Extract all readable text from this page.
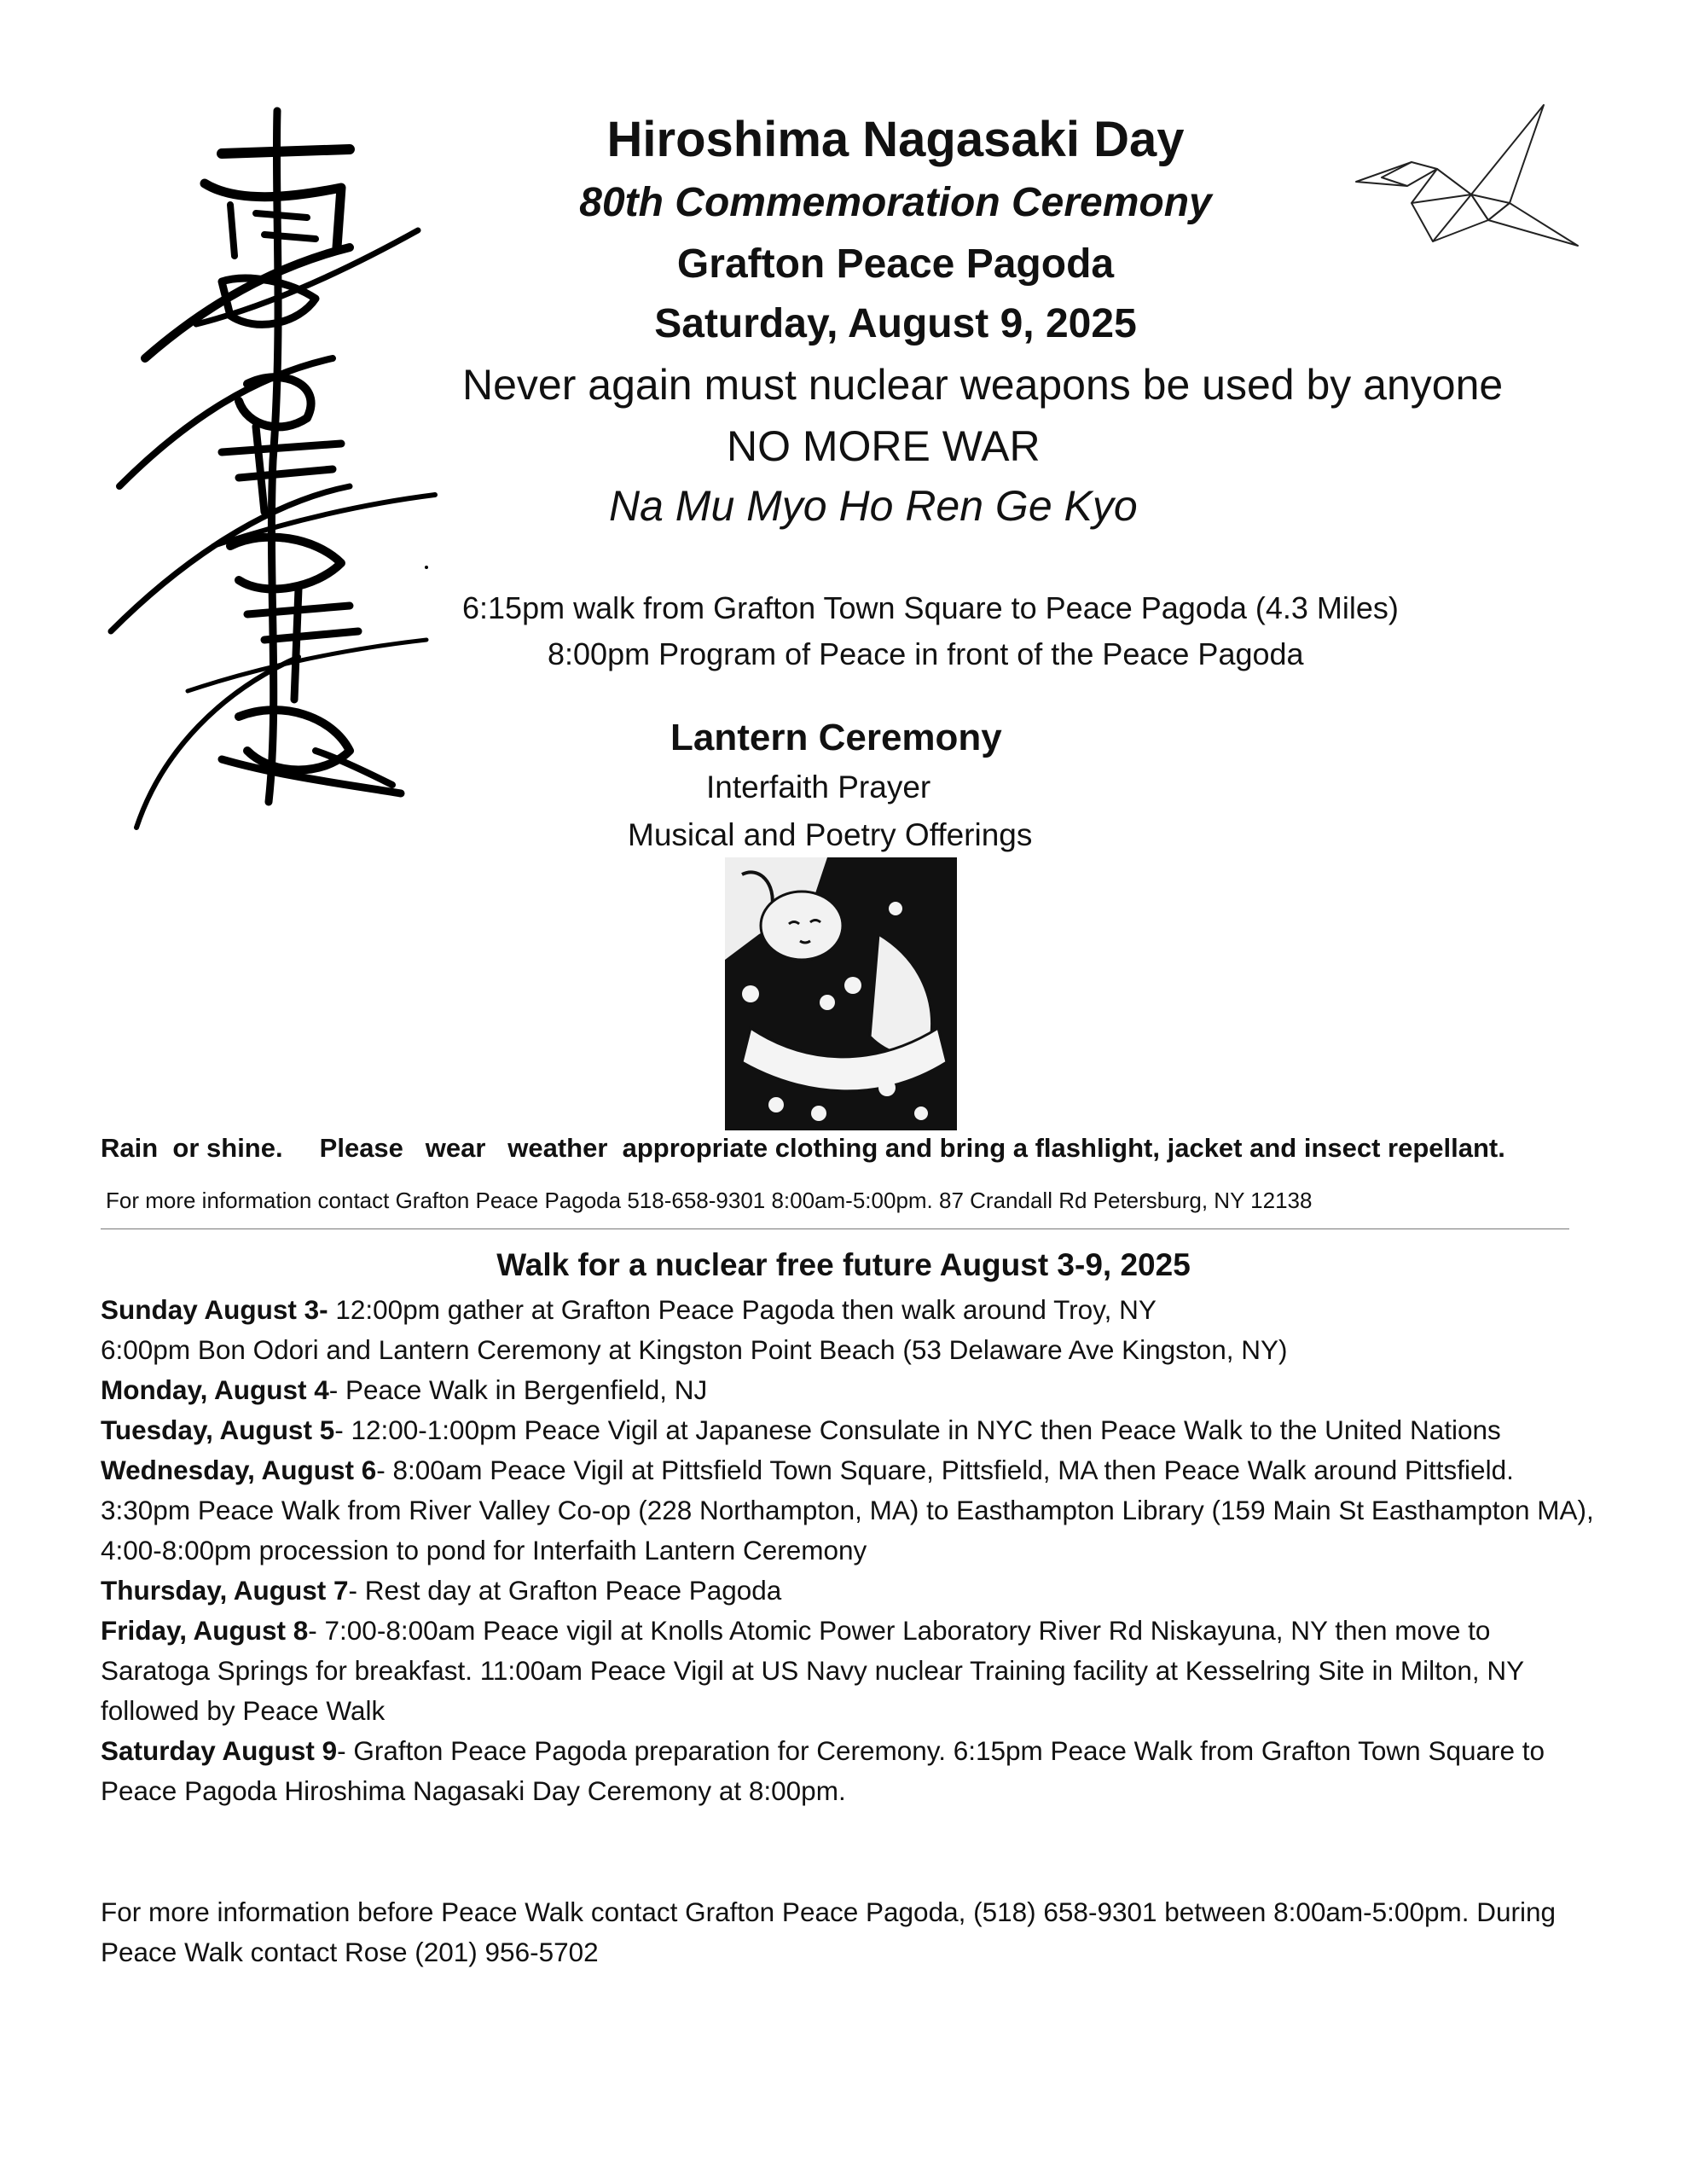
Hiroshima Nagasaki Day
80th Commemoration Ceremony
Grafton Peace Pagoda
Saturday, August 9, 2025
Never again must nuclear weapons be used by anyone
NO MORE WAR
Na Mu Myo Ho Ren Ge Kyo
6:15pm walk from Grafton Town Square to Peace Pagoda (4.3 Miles)
8:00pm Program of Peace in front of the Peace Pagoda
Lantern Ceremony
Interfaith Prayer
Musical and Poetry Offerings
Rain  or shine.     Please   wear   weather  appropriate clothing and bring a flashlight, jacket and insect repellant.
For more information contact Grafton Peace Pagoda 518-658-9301 8:00am-5:00pm. 87 Crandall Rd Petersburg, NY 12138
Walk for a nuclear free future August 3-9, 2025
Sunday August 3- 12:00pm gather at Grafton Peace Pagoda then walk around Troy, NY
6:00pm Bon Odori and Lantern Ceremony at Kingston Point Beach (53 Delaware Ave Kingston, NY)
Monday, August 4- Peace Walk in Bergenfield, NJ
Tuesday, August 5- 12:00-1:00pm Peace Vigil at Japanese Consulate in NYC then Peace Walk to the United Nations
Wednesday, August 6- 8:00am Peace Vigil at Pittsfield Town Square, Pittsfield, MA then Peace Walk around Pittsfield. 3:30pm Peace Walk from River Valley Co-op (228 Northampton, MA) to Easthampton Library (159 Main St Easthampton MA), 4:00-8:00pm procession to pond for Interfaith Lantern Ceremony
Thursday, August 7- Rest day at Grafton Peace Pagoda
Friday, August 8- 7:00-8:00am Peace vigil at Knolls Atomic Power Laboratory River Rd Niskayuna, NY then move to Saratoga Springs for breakfast. 11:00am Peace Vigil at US Navy nuclear Training facility at Kesselring Site in Milton, NY followed by Peace Walk
Saturday August 9- Grafton Peace Pagoda preparation for Ceremony. 6:15pm Peace Walk from Grafton Town Square to Peace Pagoda Hiroshima Nagasaki Day Ceremony at 8:00pm.
For more information before Peace Walk contact Grafton Peace Pagoda, (518) 658-9301 between 8:00am-5:00pm. During Peace Walk contact Rose (201) 956-5702
